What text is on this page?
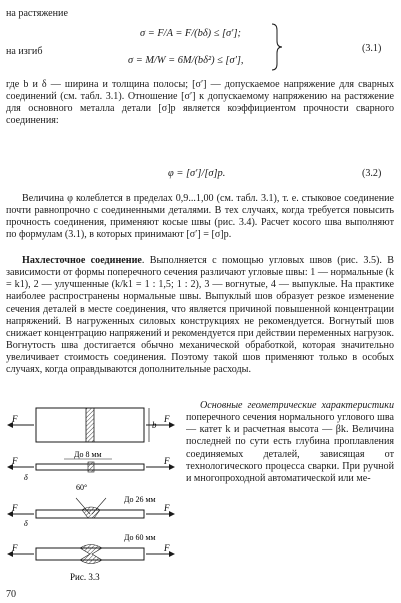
на растяжение
на изгиб
σ = F/A = F/(bδ) ≤ [σ′];
σ = M/W = 6M/(bδ²) ≤ [σ′],
(3.1)

где b и δ — ширина и толщина полосы; [σ′] — допускаемое напряжение для сварных соединений (см. табл. 3.1). Отношение [σ′] к допускаемому напряжению на растяжение для основного металла детали [σ]p является коэффициентом прочности сварного соединения:

φ = [σ′]/[σ]p.	(3.2)

Величина φ колеблется в пределах 0,9...1,00 (см. табл. 3.1), т. е. стыковое соединение почти равнопрочно с соединенными деталями. В тех случаях, когда требуется повысить прочность соединения, применяют косые швы (рис. 3.4). Расчет косого шва выполняют по формулам (3.1), в которых принимают [σ′] = [σ]p.

Нахлесточное соединение. Выполняется с помощью угловых швов (рис. 3.5). В зависимости от формы поперечного сечения различают угловые швы: 1 — нормальные (k = k1), 2 — улучшенные (k/k1 = 1 : 1,5; 1 : 2), 3 — вогнутые, 4 — выпуклые. На практике наиболее распространены нормальные швы. Выпуклый шов образует резкое изменение сечения деталей в месте соединения, что является причиной повышенной концентрации напряжений. В нагруженных силовых конструкциях не рекомендуется. Вогнутый шов снижает концентрацию напряжений и рекомендуется при действии переменных нагрузок. Вогнутость шва достигается обычно механической обработкой, которая значительно увеличивает стоимость соединения. Поэтому такой шов применяют только в особых случаях, когда оправдываются дополнительные расходы.
Основные геометрические характеристики поперечного сечения нормального углового шва — катет k и расчетная высота — βk. Величина последней по сути есть глубина проплавления соединяемых деталей, зависящая от технологического процесса сварки. При ручной и многопроходной автоматической или ме-
F	F
b
До 8 мм
F	F
δ
60°
До 26 мм
F	F
δ
До 60 мм
F	F
Рис. 3.3
70
